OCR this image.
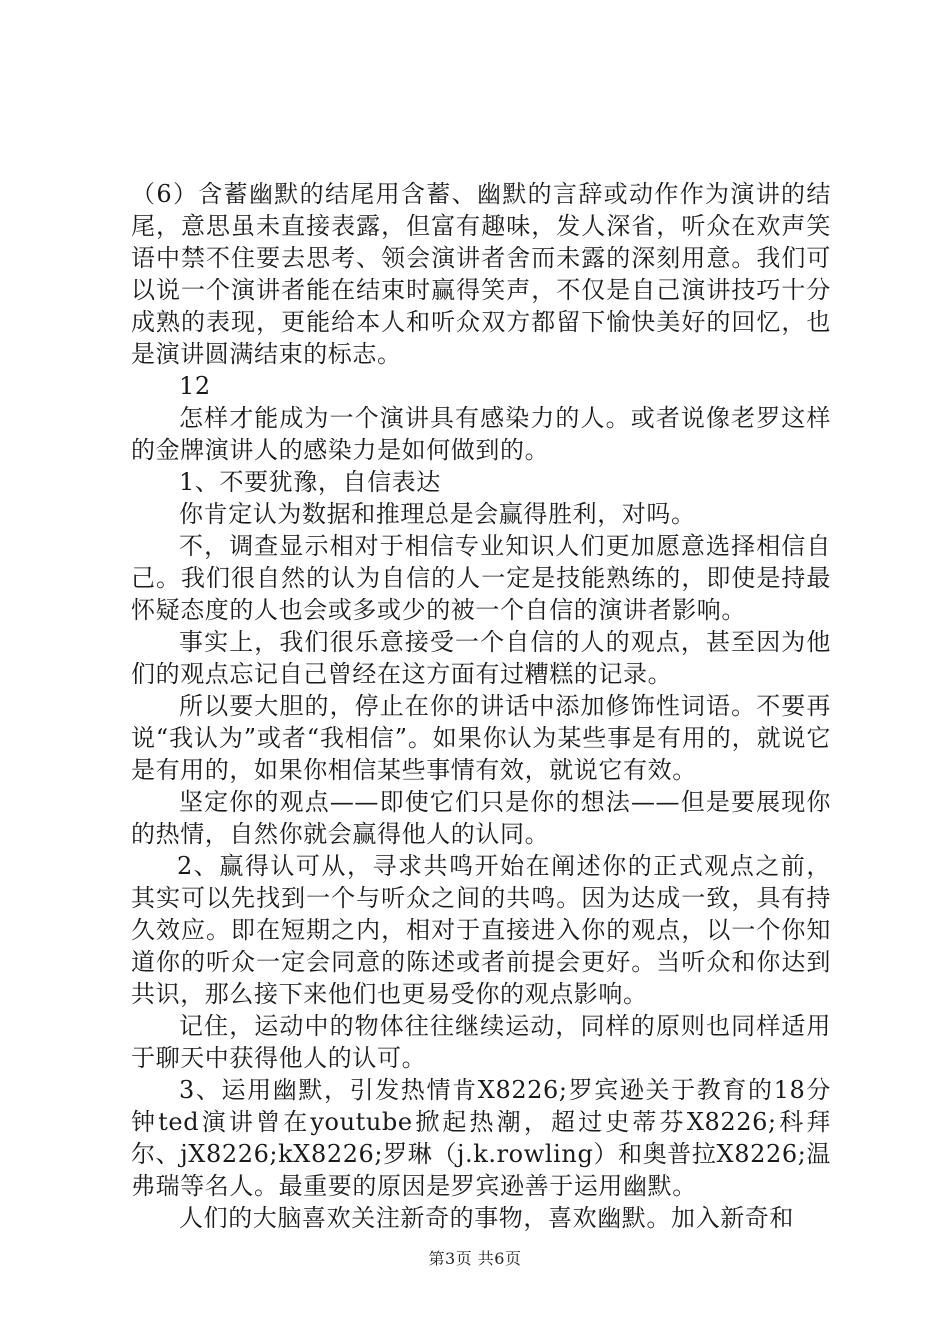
（6）含蓄幽默的结尾用含蓄、幽默的言辞或动作作为演讲的结尾，意思虽未直接表露，但富有趣味，发人深省，听众在欢声笑语中禁不住要去思考、领会演讲者舍而未露的深刻用意。我们可以说一个演讲者能在结束时赢得笑声，不仅是自己演讲技巧十分成熟的表现，更能给本人和听众双方都留下愉快美好的回忆，也是演讲圆满结束的标志。

12

怎样才能成为一个演讲具有感染力的人。或者说像老罗这样的金牌演讲人的感染力是如何做到的。

1、不要犹豫，自信表达

你肯定认为数据和推理总是会赢得胜利，对吗。

不，调查显示相对于相信专业知识人们更加愿意选择相信自己。我们很自然的认为自信的人一定是技能熟练的，即使是持最怀疑态度的人也会或多或少的被一个自信的演讲者影响。

事实上，我们很乐意接受一个自信的人的观点，甚至因为他们的观点忘记自己曾经在这方面有过糟糕的记录。

所以要大胆的，停止在你的讲话中添加修饰性词语。不要再说“我认为”或者“我相信”。如果你认为某些事是有用的，就说它是有用的，如果你相信某些事情有效，就说它有效。

坚定你的观点——即使它们只是你的想法——但是要展现你的热情，自然你就会赢得他人的认同。

2、赢得认可从，寻求共鸣开始在阐述你的正式观点之前，其实可以先找到一个与听众之间的共鸣。因为达成一致，具有持久效应。即在短期之内，相对于直接进入你的观点，以一个你知道你的听众一定会同意的陈述或者前提会更好。当听众和你达到共识，那么接下来他们也更易受你的观点影响。

记住，运动中的物体往往继续运动，同样的原则也同样适用于聊天中获得他人的认可。

3、运用幽默，引发热情肯X8226;罗宾逊关于教育的18分钟ted演讲曾在youtube掀起热潮，超过史蒂芬X8226;科拜尔、jX8226;kX8226;罗琳（j.k.rowling）和奥普拉X8226;温弗瑞等名人。最重要的原因是罗宾逊善于运用幽默。

人们的大脑喜欢关注新奇的事物，喜欢幽默。加入新奇和

第3页 共6页
